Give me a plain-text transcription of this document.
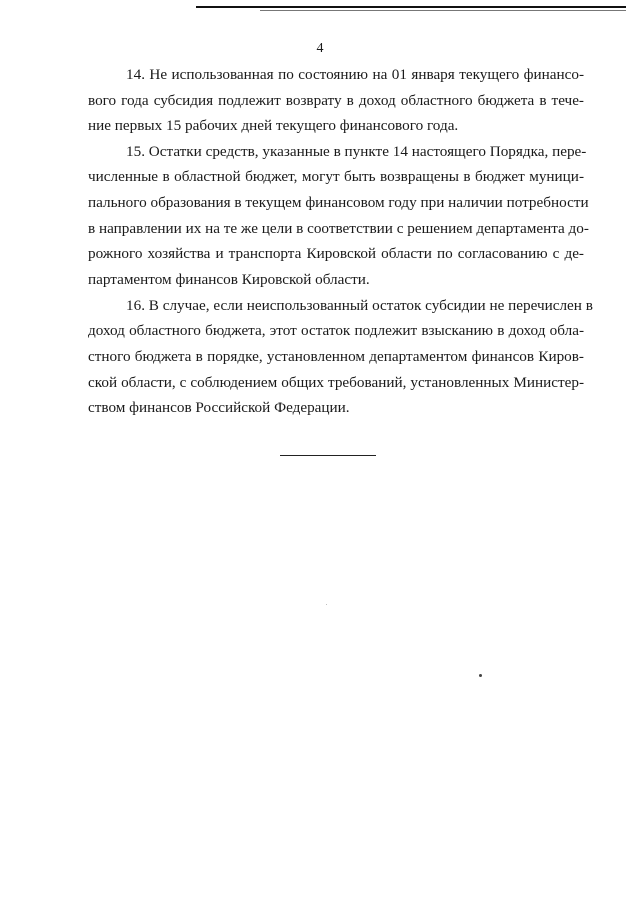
4
14. Не использованная по состоянию на 01 января текущего финансо-
вого года субсидия подлежит возврату в доход областного бюджета в тече-
ние первых 15 рабочих дней текущего финансового года.
15. Остатки средств, указанные в пункте 14 настоящего Порядка, пере-
численные в областной бюджет, могут быть возвращены в бюджет муници-
пального образования в текущем финансовом году при наличии потребности
в направлении их на те же цели в соответствии с решением департамента до-
рожного хозяйства и транспорта Кировской области по согласованию с де-
партаментом финансов Кировской области.
16. В случае, если неиспользованный остаток субсидии не перечислен в
доход областного бюджета, этот остаток подлежит взысканию в доход обла-
стного бюджета в порядке, установленном департаментом финансов Киров-
ской области, с соблюдением общих требований, установленных Министер-
ством финансов Российской Федерации.
